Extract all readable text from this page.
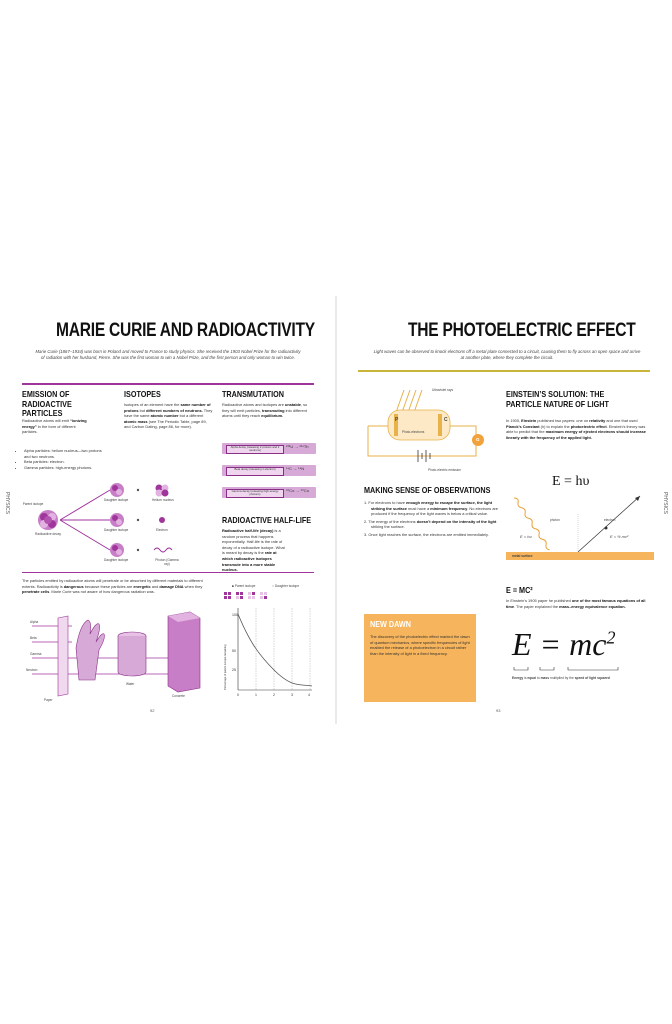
PHYSICS
MARIE CURIE AND RADIOACTIVITY
Marie Curie (1867–1934) was born in Poland and moved to France to study physics. She received the 1903 Nobel Prize for the radioactivity of radiation with her husband, Pierre. She was the first woman to win a Nobel Prize, and the first person and only woman to win twice.
EMISSION OF RADIOACTIVE PARTICLES
Radioactive atoms will emit “ionizing energy” in the form of different particles.
• Alpha particles: helium nucleus—two protons and two neutrons.
• Beta particles: electron.
• Gamma particles: high-energy photons.
ISOTOPES
Isotopes of an element have the same number of protons but different numbers of neutrons. They have the same atomic number but a different atomic mass (see The Periodic Table, page 89, and Carbon Dating, page 86, for more).
Parent isotope
Radioactive decay
Daughter isotope
Daughter isotope
Daughter isotope
Helium nucleus
Electron
Photon (Gamma ray)
TRANSMUTATION
Radioactive atoms and isotopes are unstable, so they will emit particles, transmuting into different atoms until they reach equilibrium.
Alpha decay (releasing 2 protons and 2 neutrons)
²³⁸U → ²³⁴Th
Beta decay (releasing 1 electron)	¹⁴C → ¹⁴N
Gamma decay (releasing high-energy photons)
⁶⁰Co → ⁶⁰Co
RADIOACTIVE HALF-LIFE
Radioactive half-life (decay) is a random process that happens exponentially. Half-life is the rate of decay of a radioactive isotope. What is meant by decay is the rate at which radioactive isotopes transmute into a more stable nucleus.
The particles emitted by radioactive atoms will penetrate or be absorbed by different materials to different extents. Radioactivity is dangerous because these particles are energetic and damage DNA when they penetrate cells. Marie Curie was not aware of how dangerous radiation was.
Alpha
Beta
Gamma
Neutron
Paper
Water
Concrete
■ Parent isotope	○ Daughter isotope
100
50
25
0	1	2	3	4
Percentage of parent isotope remaining
92
PHYSICS
THE PHOTOELECTRIC EFFECT
Light waves can be observed to knock electrons off a metal plate connected to a circuit, causing them to fly across an open space and arrive at another plate, where they complete the circuit.
Ultraviolet rays
P	C
Photo-electrons
G
Photo-electric emission
MAKING SENSE OF OBSERVATIONS
1. For electrons to have enough energy to escape the surface, the light striking the surface must have a minimum frequency. No electrons are produced if the frequency of the light waves is below a critical value.
2. The energy of the electrons doesn’t depend on the intensity of the light striking the surface.
3. Once light reaches the surface, the electrons are emitted immediately.
NEW DAWN
The discovery of the photoelectric effect marked the dawn of quantum mechanics, where specific frequencies of light enabled the release of a photoelectron in a circuit rather than the intensity of light in a fixed frequency.
EINSTEIN’S SOLUTION: THE PARTICLE NATURE OF LIGHT
In 1905, Einstein published two papers: one on relativity and one that used Planck’s Constant (h) to explain the photoelectric effect. Einstein’s theory was able to predict that the maximum energy of ejected electrons should increase linearly with the frequency of the applied light.
E = hυ
photon	electron
E = hυ	E = ½ mv²
metal surface
E = MC²
In Einstein’s 1905 paper he published one of the most famous equations of all time. The paper explained the mass–energy equivalence equation.
$E = mc^2$
Energy is equal to mass multiplied by the speed of light squared
93
